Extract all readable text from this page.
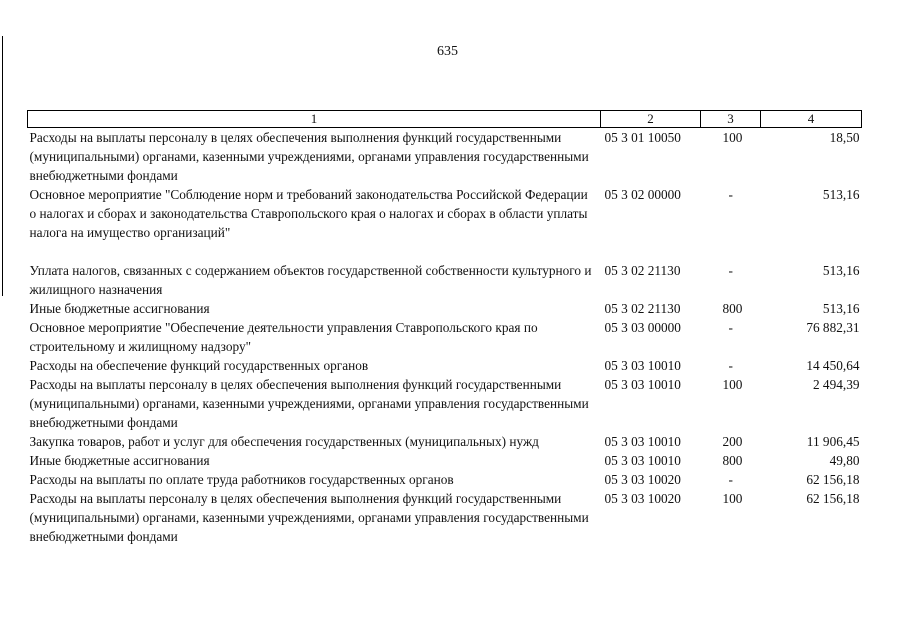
635
1	2	3	4
Расходы на выплаты персоналу в целях обеспечения выполнения функций государственными (муниципальными) органами, казенными учреждениями, органами управления государственными внебюджетными фондами	05 3 01 10050	100	18,50
Основное мероприятие "Соблюдение норм и требований законодательства Российской Федерации о налогах и сборах и законодательства Ставропольского края о налогах и сборах в области уплаты налога на имущество организаций"	05 3 02 00000	-	513,16
Уплата налогов, связанных с содержанием объектов государственной собственности культурного и жилищного назначения	05 3 02 21130	-	513,16
Иные бюджетные ассигнования	05 3 02 21130	800	513,16
Основное мероприятие "Обеспечение деятельности управления Ставропольского края по строительному и жилищному надзору"	05 3 03 00000	-	76 882,31
Расходы на обеспечение функций государственных органов	05 3 03 10010	-	14 450,64
Расходы на выплаты персоналу в целях обеспечения выполнения функций государственными (муниципальными) органами, казенными учреждениями, органами управления государственными внебюджетными фондами	05 3 03 10010	100	2 494,39
Закупка товаров, работ и услуг для обеспечения государственных (муниципальных) нужд	05 3 03 10010	200	11 906,45
Иные бюджетные ассигнования	05 3 03 10010	800	49,80
Расходы на выплаты по оплате труда работников государственных органов	05 3 03 10020	-	62 156,18
Расходы на выплаты персоналу в целях обеспечения выполнения функций государственными (муниципальными) органами, казенными учреждениями, органами управления государственными внебюджетными фондами	05 3 03 10020	100	62 156,18
